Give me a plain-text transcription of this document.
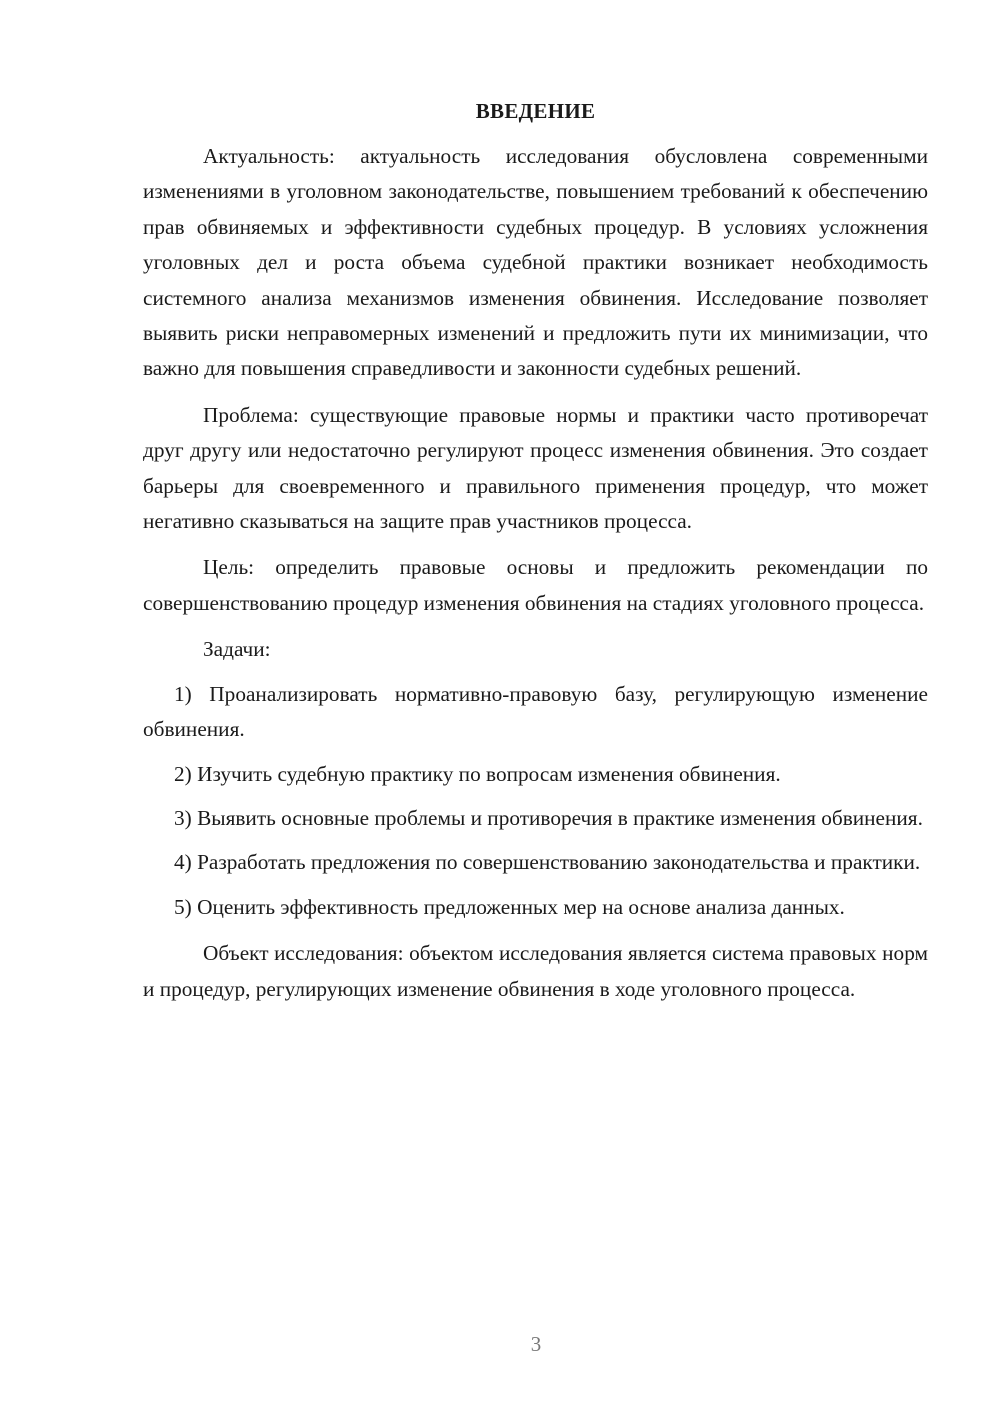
ВВЕДЕНИЕ

Актуальность: актуальность исследования обусловлена современными изменениями в уголовном законодательстве, повышением требований к обеспечению прав обвиняемых и эффективности судебных процедур. В условиях усложнения уголовных дел и роста объема судебной практики возникает необходимость системного анализа механизмов изменения обвинения. Исследование позволяет выявить риски неправомерных изменений и предложить пути их минимизации, что важно для повышения справедливости и законности судебных решений.

Проблема: существующие правовые нормы и практики часто противоречат друг другу или недостаточно регулируют процесс изменения обвинения. Это создает барьеры для своевременного и правильного применения процедур, что может негативно сказываться на защите прав участников процесса.

Цель: определить правовые основы и предложить рекомендации по совершенствованию процедур изменения обвинения на стадиях уголовного процесса.

Задачи:

1) Проанализировать нормативно-правовую базу, регулирующую изменение обвинения.

2) Изучить судебную практику по вопросам изменения обвинения.

3) Выявить основные проблемы и противоречия в практике изменения обвинения.

4) Разработать предложения по совершенствованию законодательства и практики.

5) Оценить эффективность предложенных мер на основе анализа данных.

Объект исследования: объектом исследования является система правовых норм и процедур, регулирующих изменение обвинения в ходе уголовного процесса.

3
